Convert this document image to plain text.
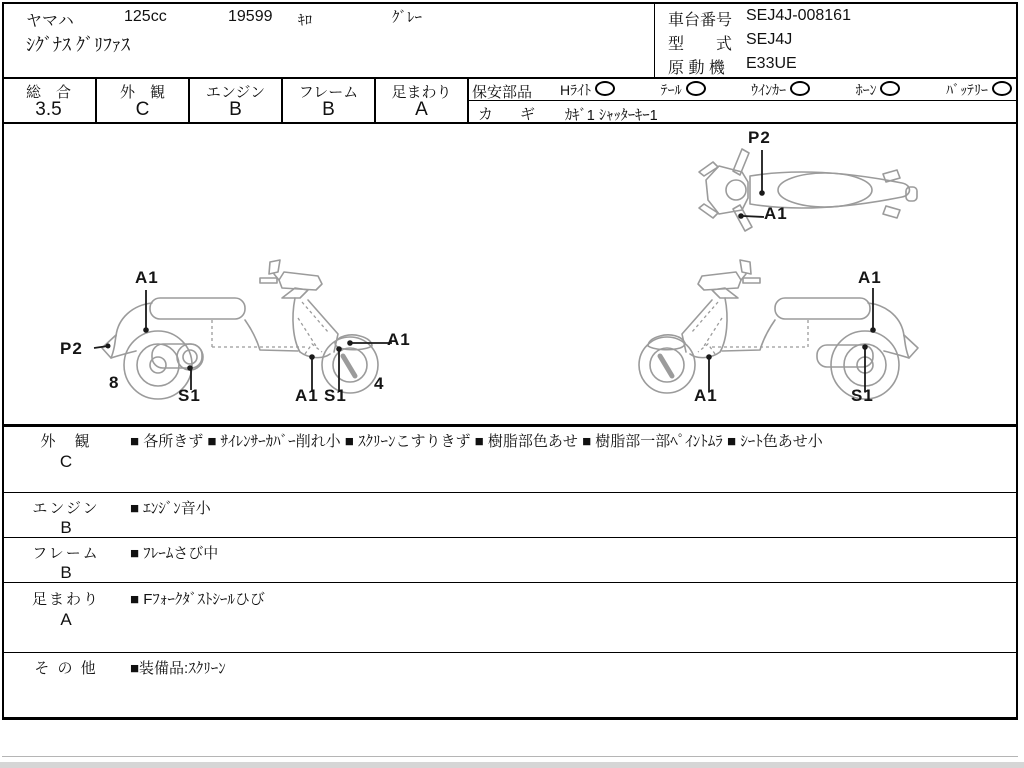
ヤマハ	125cc	19599 ｷﾛ	ｸﾞﾚｰ
ｼｸﾞﾅｽ ｸﾞﾘﾌｧｽ
車台番号 SEJ4J-008161
型　　式 SEJ4J
原 動 機 E33UE
総　合
3.5
外　観
C
エンジン
B
フレーム
B
足まわり
A
保安部品 Hﾗｲﾄ	ﾃｰﾙ	ｳｲﾝｶｰ	ﾎｰﾝ	ﾊﾞｯﾃﾘｰ
カ　ギ ｶｷﾞ1 ｼｬｯﾀｰｷｰ1
P2
A1
A1
P2
8
S1	A1 S1
A1
4
A1
A1	S1
外　観
C
■ 各所きず ■ ｻｲﾚﾝｻｰｶﾊﾞｰ削れ小 ■ ｽｸﾘｰﾝこすりきず ■ 樹脂部色あせ ■ 樹脂部一部ﾍﾟｲﾝﾄﾑﾗ ■ ｼｰﾄ色あせ小
エンジン
B
■ ｴﾝｼﾞﾝ音小
フレーム
B
■ ﾌﾚｰﾑさび中
足まわり
A
■ Fﾌｫｰｸﾀﾞｽﾄｼｰﾙひび
そ の 他	■装備品:ｽｸﾘｰﾝ
